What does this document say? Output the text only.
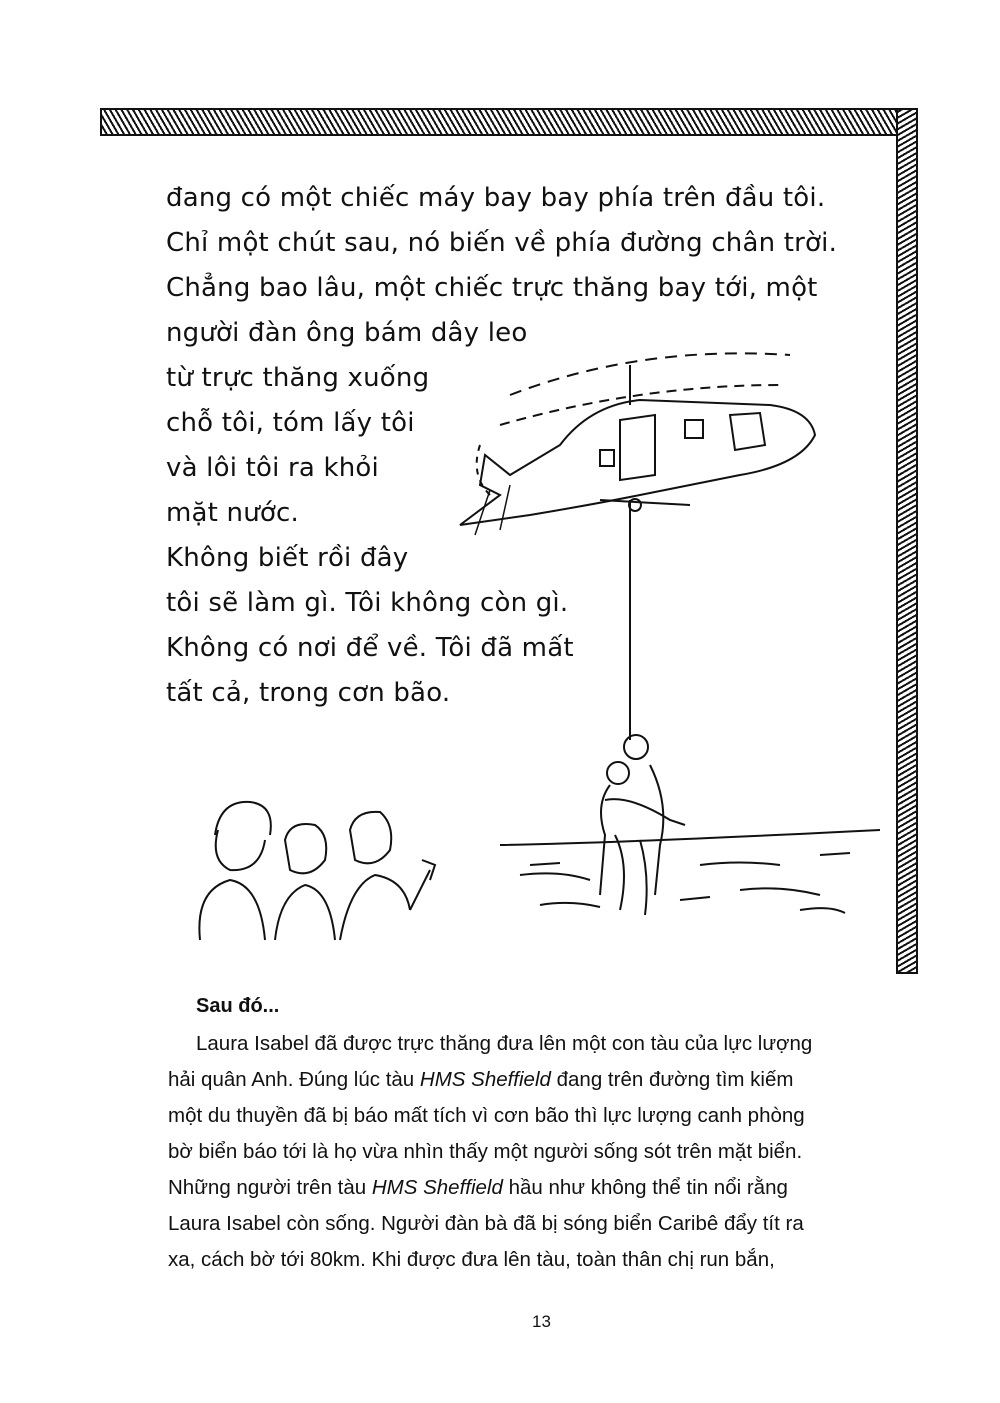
đang có một chiếc máy bay bay phía trên đầu tôi.

Chỉ một chút sau, nó biến về phía đường chân trời.

Chẳng bao lâu, một chiếc trực thăng bay tới, một

người đàn ông bám dây leo

từ trực thăng xuống

chỗ tôi, tóm lấy tôi

và lôi tôi ra khỏi

mặt nước.

Không biết rồi đây

tôi sẽ làm gì. Tôi không còn gì.

Không có nơi để về. Tôi đã mất

tất cả, trong cơn bão.

Sau đó...

Laura Isabel đã được trực thăng đưa lên một con tàu của lực lượng
hải quân Anh. Đúng lúc tàu HMS Sheffield đang trên đường tìm kiếm
một du thuyền đã bị báo mất tích vì cơn bão thì lực lượng canh phòng
bờ biển báo tới là họ vừa nhìn thấy một người sống sót trên mặt biển.
Những người trên tàu HMS Sheffield hầu như không thể tin nổi rằng
Laura Isabel còn sống. Người đàn bà đã bị sóng biển Caribê đẩy tít ra
xa, cách bờ tới 80km. Khi được đưa lên tàu, toàn thân chị run bắn,

13
